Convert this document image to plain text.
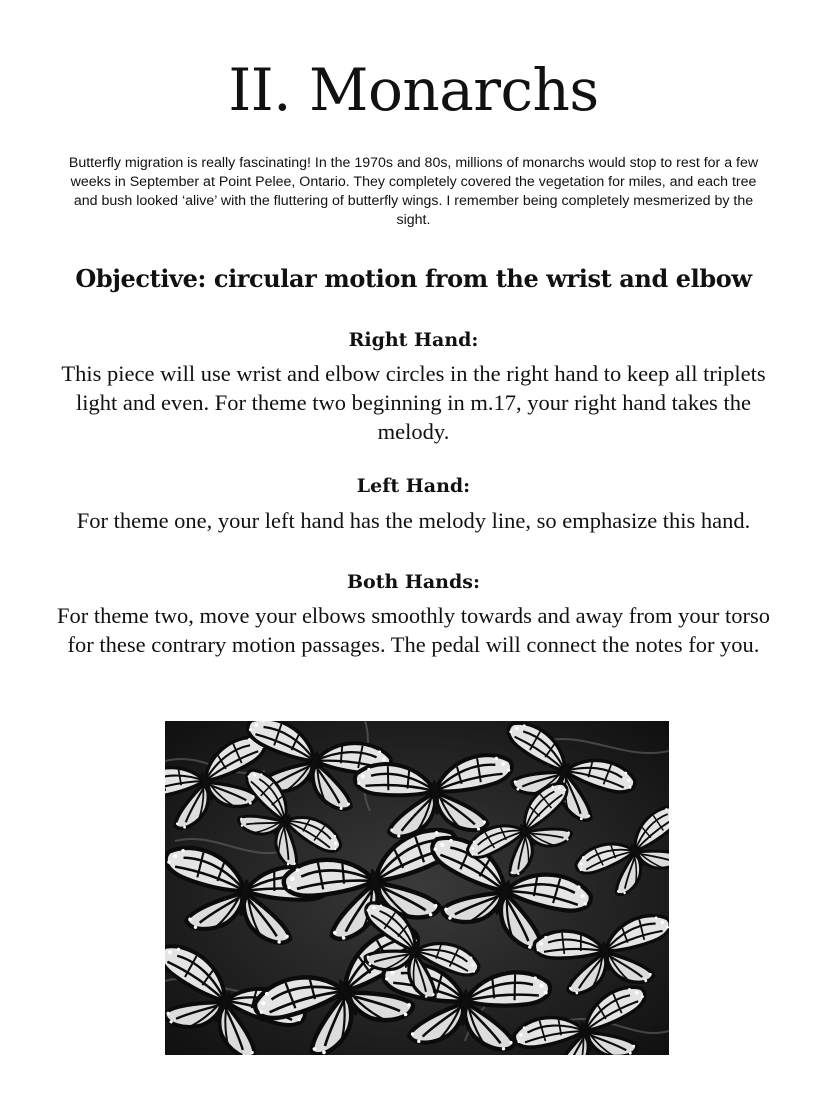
II. Monarchs

Butterfly migration is really fascinating! In the 1970s and 80s, millions of monarchs would stop to rest for a few weeks in September at Point Pelee, Ontario. They completely covered the vegetation for miles, and each tree and bush looked ‘alive’ with the fluttering of butterfly wings. I remember being completely mesmerized by the sight.

Objective: circular motion from the wrist and elbow
Right Hand:

This piece will use wrist and elbow circles in the right hand to keep all triplets light and even. For theme two beginning in m.17, your right hand takes the melody.

Left Hand:

For theme one, your left hand has the melody line, so emphasize this hand.

Both Hands:

For theme two, move your elbows smoothly towards and away from your torso for these contrary motion passages. The pedal will connect the notes for you.
